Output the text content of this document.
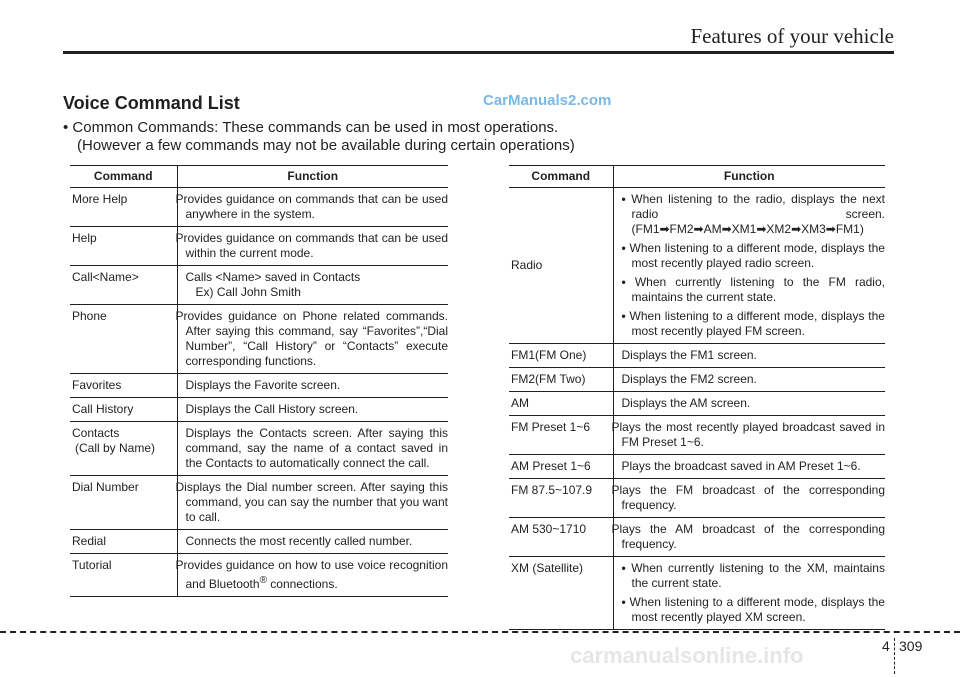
Features of your vehicle
Voice Command List	CarManuals2.com
• Common Commands: These commands can be used in most operations.
(However a few commands may not be available during certain operations)
Command	Function
More Help	Provides guidance on commands that can be used anywhere in the system.
Help	Provides guidance on commands that can be used within the current mode.
Call<Name>	Calls <Name> saved in Contacts
Ex) Call John Smith

Phone	Provides guidance on Phone related commands. After saying this command, say “Favorites”,“Dial Number”, “Call History” or “Contacts” execute corresponding functions.
Favorites	Displays the Favorite screen.
Call History	Displays the Call History screen.

Contacts
(Call by Name)	Displays the Contacts screen. After saying this command, say the name of a contact saved in the Contacts to automatically connect the call.
Dial Number	Displays the Dial number screen. After saying this command, you can say the number that you want to call.
Redial	Connects the most recently called number.
Tutorial	Provides guidance on how to use voice recognition and Bluetooth® connections.
Command	Function
Radio	• When listening to the radio, displays the next radio screen. (FM1➡FM2➡AM➡XM1➡XM2➡XM3➡FM1)
• When listening to a different mode, displays the most recently played radio screen.
• When currently listening to the FM radio, maintains the current state.
• When listening to a different mode, displays the most recently played FM screen.

FM1(FM One)	Displays the FM1 screen.
FM2(FM Two)	Displays the FM2 screen.
AM	Displays the AM screen.
FM Preset 1~6	Plays the most recently played broadcast saved in FM Preset 1~6.
AM Preset 1~6	Plays the broadcast saved in AM Preset 1~6.
FM 87.5~107.9	Plays the FM broadcast of the corresponding frequency.
AM 530~1710	Plays the AM broadcast of the corresponding frequency.
XM (Satellite)	• When currently listening to the XM, maintains the current state.
• When listening to a different mode, displays the most recently played XM screen.
carmanualsonline.info	4 309
